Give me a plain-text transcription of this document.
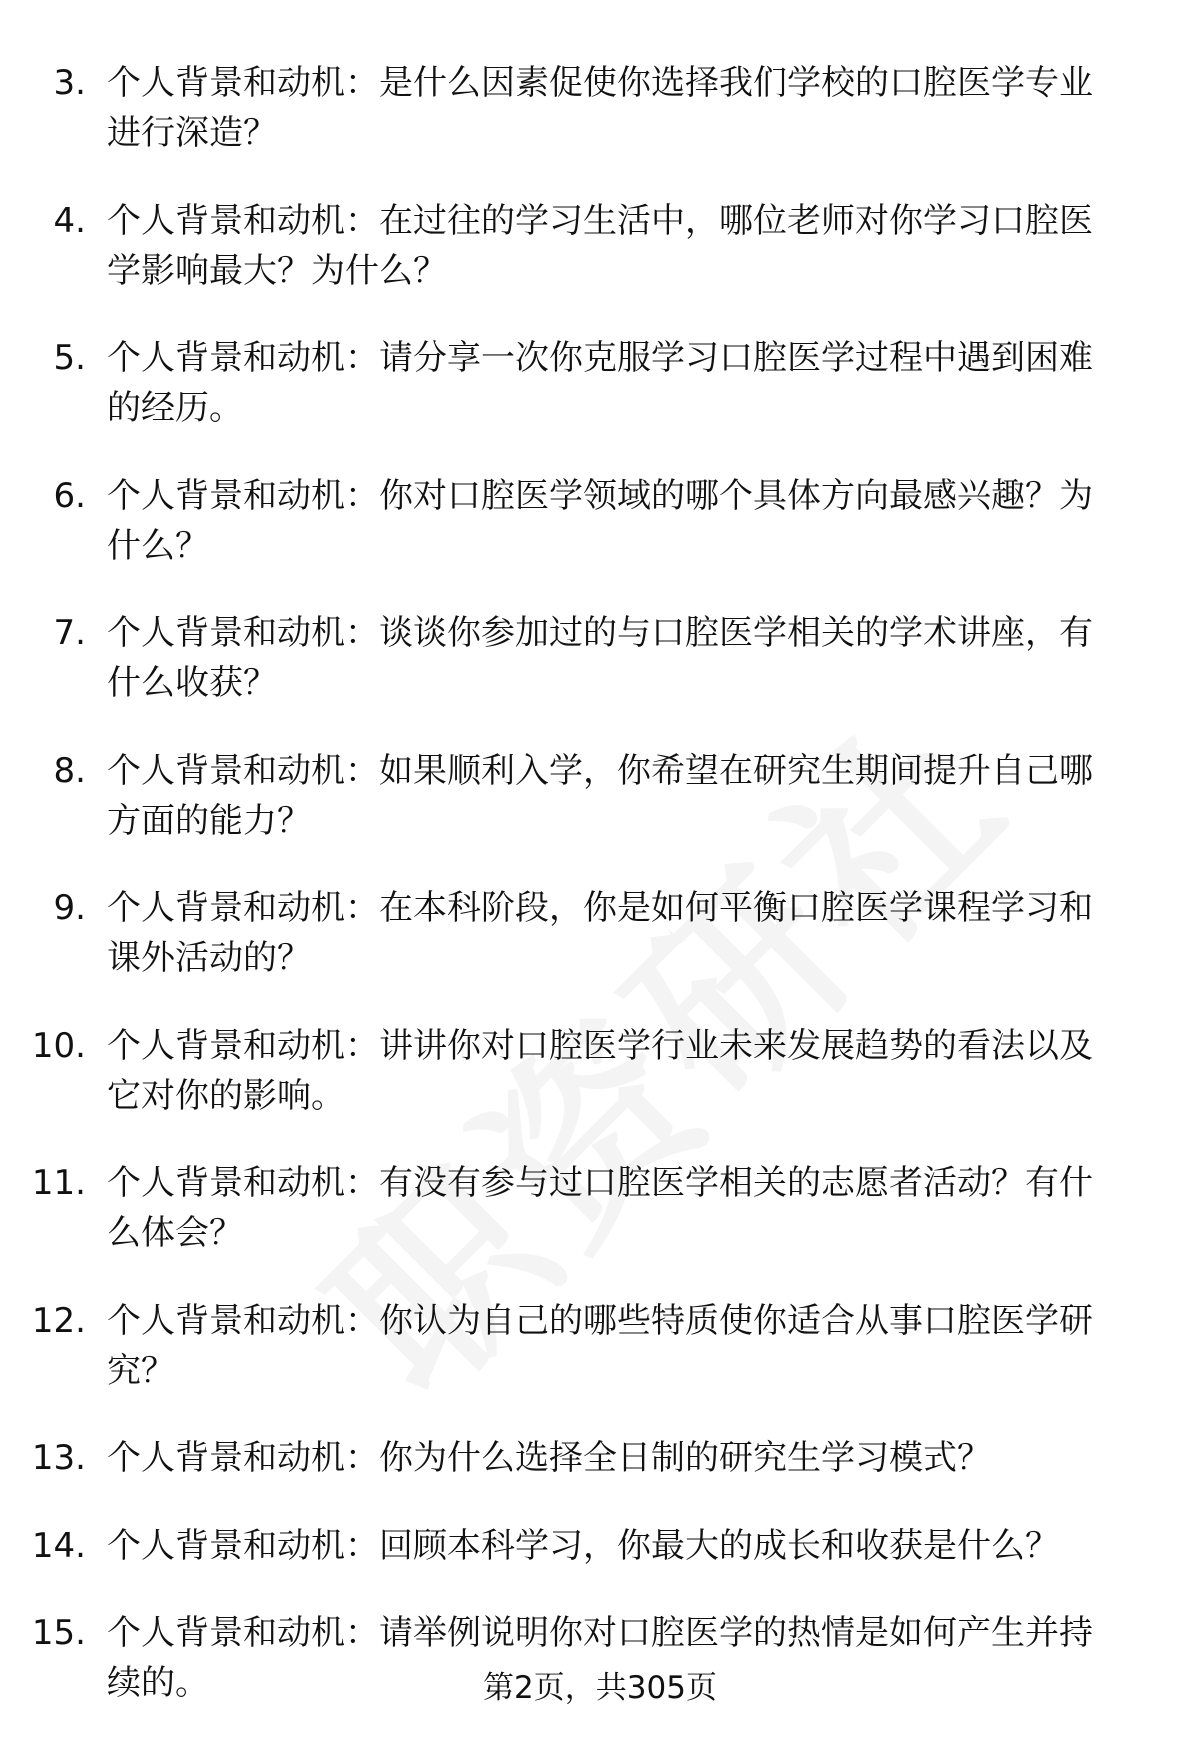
3. 个人背景和动机：是什么因素促使你选择我们学校的口腔医学专业进行深造？
4. 个人背景和动机：在过往的学习生活中，哪位老师对你学习口腔医学影响最大？为什么？
5. 个人背景和动机：请分享一次你克服学习口腔医学过程中遇到困难的经历。
6. 个人背景和动机：你对口腔医学领域的哪个具体方向最感兴趣？为什么？
7. 个人背景和动机：谈谈你参加过的与口腔医学相关的学术讲座，有什么收获？
8. 个人背景和动机：如果顺利入学，你希望在研究生期间提升自己哪方面的能力？
9. 个人背景和动机：在本科阶段，你是如何平衡口腔医学课程学习和课外活动的？
10. 个人背景和动机：讲讲你对口腔医学行业未来发展趋势的看法以及它对你的影响。
11. 个人背景和动机：有没有参与过口腔医学相关的志愿者活动？有什么体会？
12. 个人背景和动机：你认为自己的哪些特质使你适合从事口腔医学研究？
13. 个人背景和动机：你为什么选择全日制的研究生学习模式？
14. 个人背景和动机：回顾本科学习，你最大的成长和收获是什么？
15. 个人背景和动机：请举例说明你对口腔医学的热情是如何产生并持续的。	第2页，共305页
